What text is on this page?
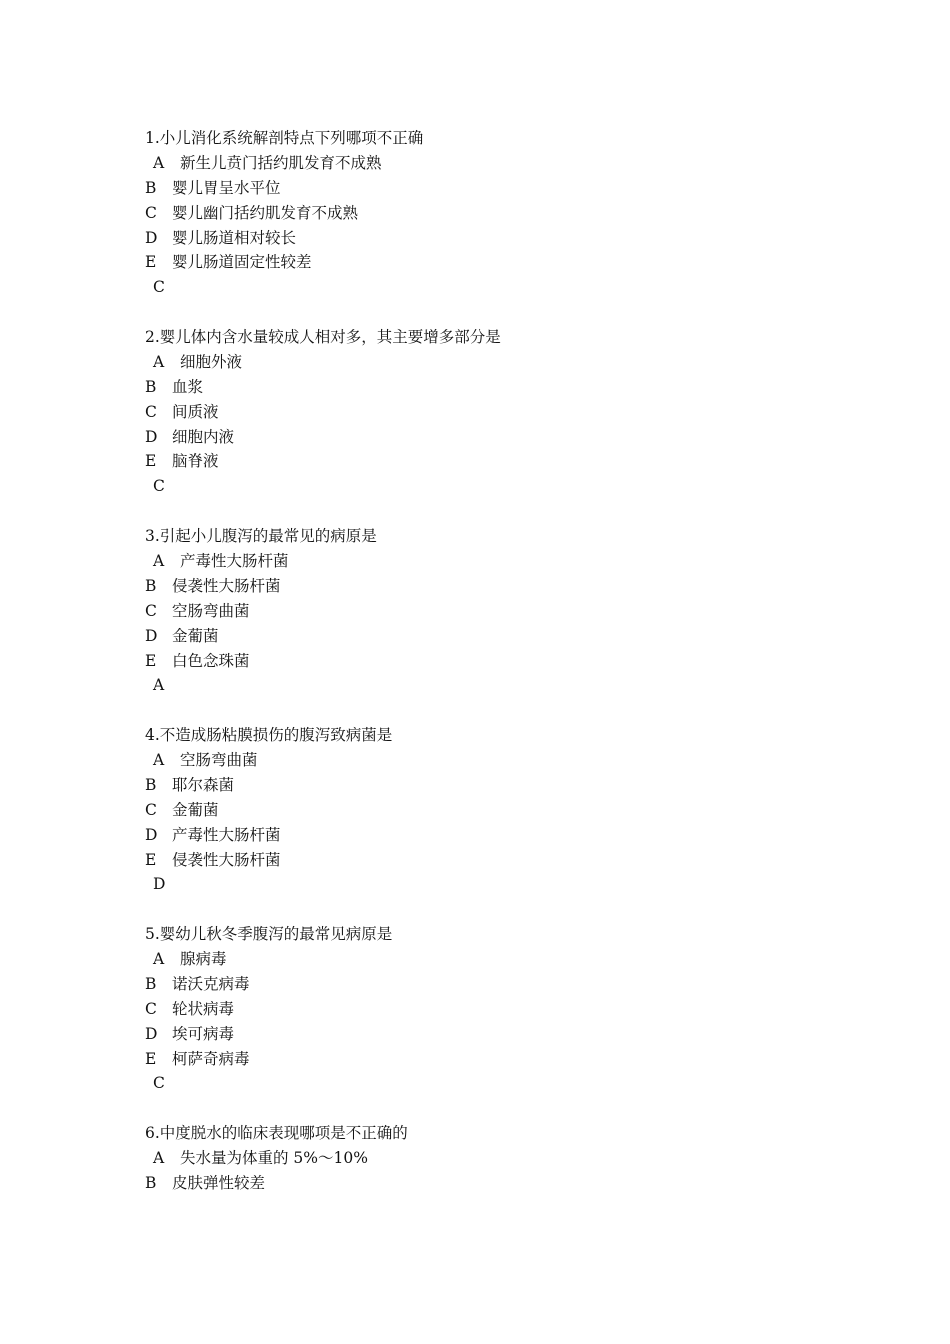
1.小儿消化系统解剖特点下列哪项不正确
A 新生儿贲门括约肌发育不成熟
B 婴儿胃呈水平位
C 婴儿幽门括约肌发育不成熟
D 婴儿肠道相对较长
E 婴儿肠道固定性较差
C
2.婴儿体内含水量较成人相对多，其主要增多部分是
A 细胞外液
B 血浆
C 间质液
D 细胞内液
E 脑脊液
C
3.引起小儿腹泻的最常见的病原是
A 产毒性大肠杆菌
B 侵袭性大肠杆菌
C 空肠弯曲菌
D 金葡菌
E 白色念珠菌
A
4.不造成肠粘膜损伤的腹泻致病菌是
A 空肠弯曲菌
B 耶尔森菌
C 金葡菌
D 产毒性大肠杆菌
E 侵袭性大肠杆菌
D
5.婴幼儿秋冬季腹泻的最常见病原是
A 腺病毒
B 诺沃克病毒
C 轮状病毒
D 埃可病毒
E 柯萨奇病毒
C
6.中度脱水的临床表现哪项是不正确的
A 失水量为体重的 5%～10%
B 皮肤弹性较差
